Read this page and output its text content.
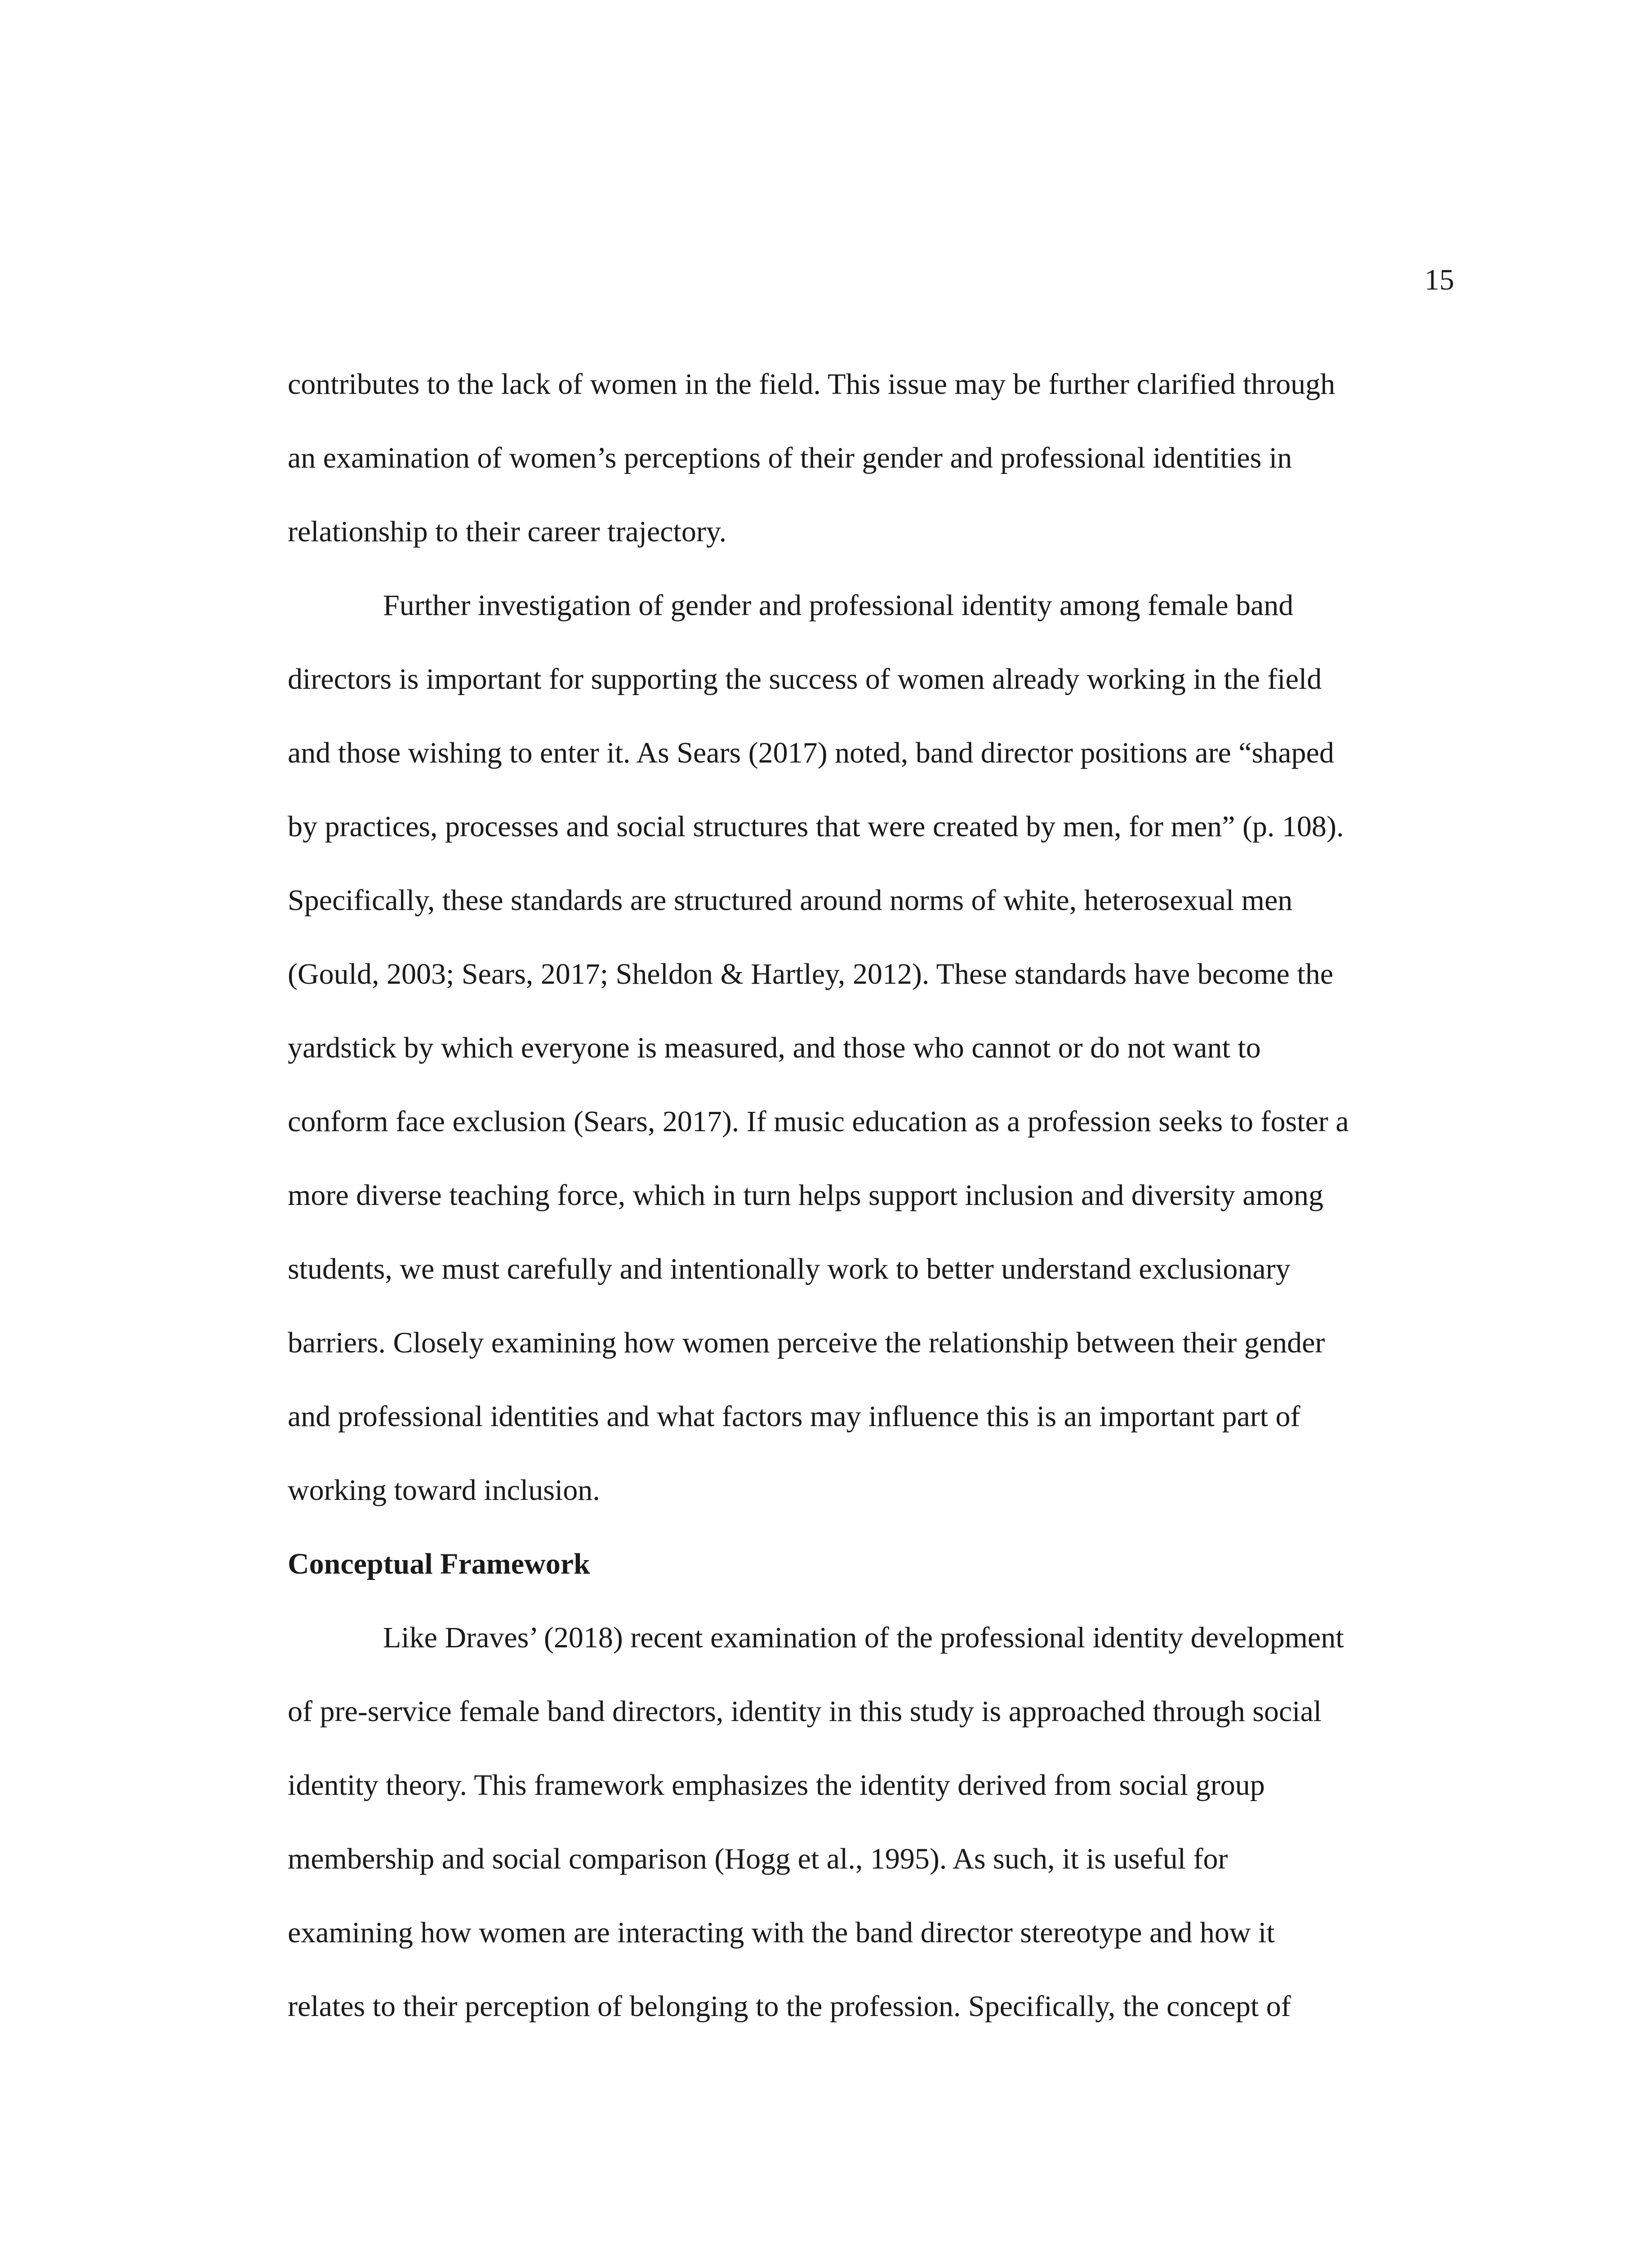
15
contributes to the lack of women in the field. This issue may be further clarified through
an examination of women’s perceptions of their gender and professional identities in
relationship to their career trajectory.
Further investigation of gender and professional identity among female band
directors is important for supporting the success of women already working in the field
and those wishing to enter it. As Sears (2017) noted, band director positions are “shaped
by practices, processes and social structures that were created by men, for men” (p. 108).
Specifically, these standards are structured around norms of white, heterosexual men
(Gould, 2003; Sears, 2017; Sheldon & Hartley, 2012). These standards have become the
yardstick by which everyone is measured, and those who cannot or do not want to
conform face exclusion (Sears, 2017). If music education as a profession seeks to foster a
more diverse teaching force, which in turn helps support inclusion and diversity among
students, we must carefully and intentionally work to better understand exclusionary
barriers. Closely examining how women perceive the relationship between their gender
and professional identities and what factors may influence this is an important part of
working toward inclusion.
Conceptual Framework
Like Draves’ (2018) recent examination of the professional identity development
of pre-service female band directors, identity in this study is approached through social
identity theory. This framework emphasizes the identity derived from social group
membership and social comparison (Hogg et al., 1995). As such, it is useful for
examining how women are interacting with the band director stereotype and how it
relates to their perception of belonging to the profession. Specifically, the concept of
